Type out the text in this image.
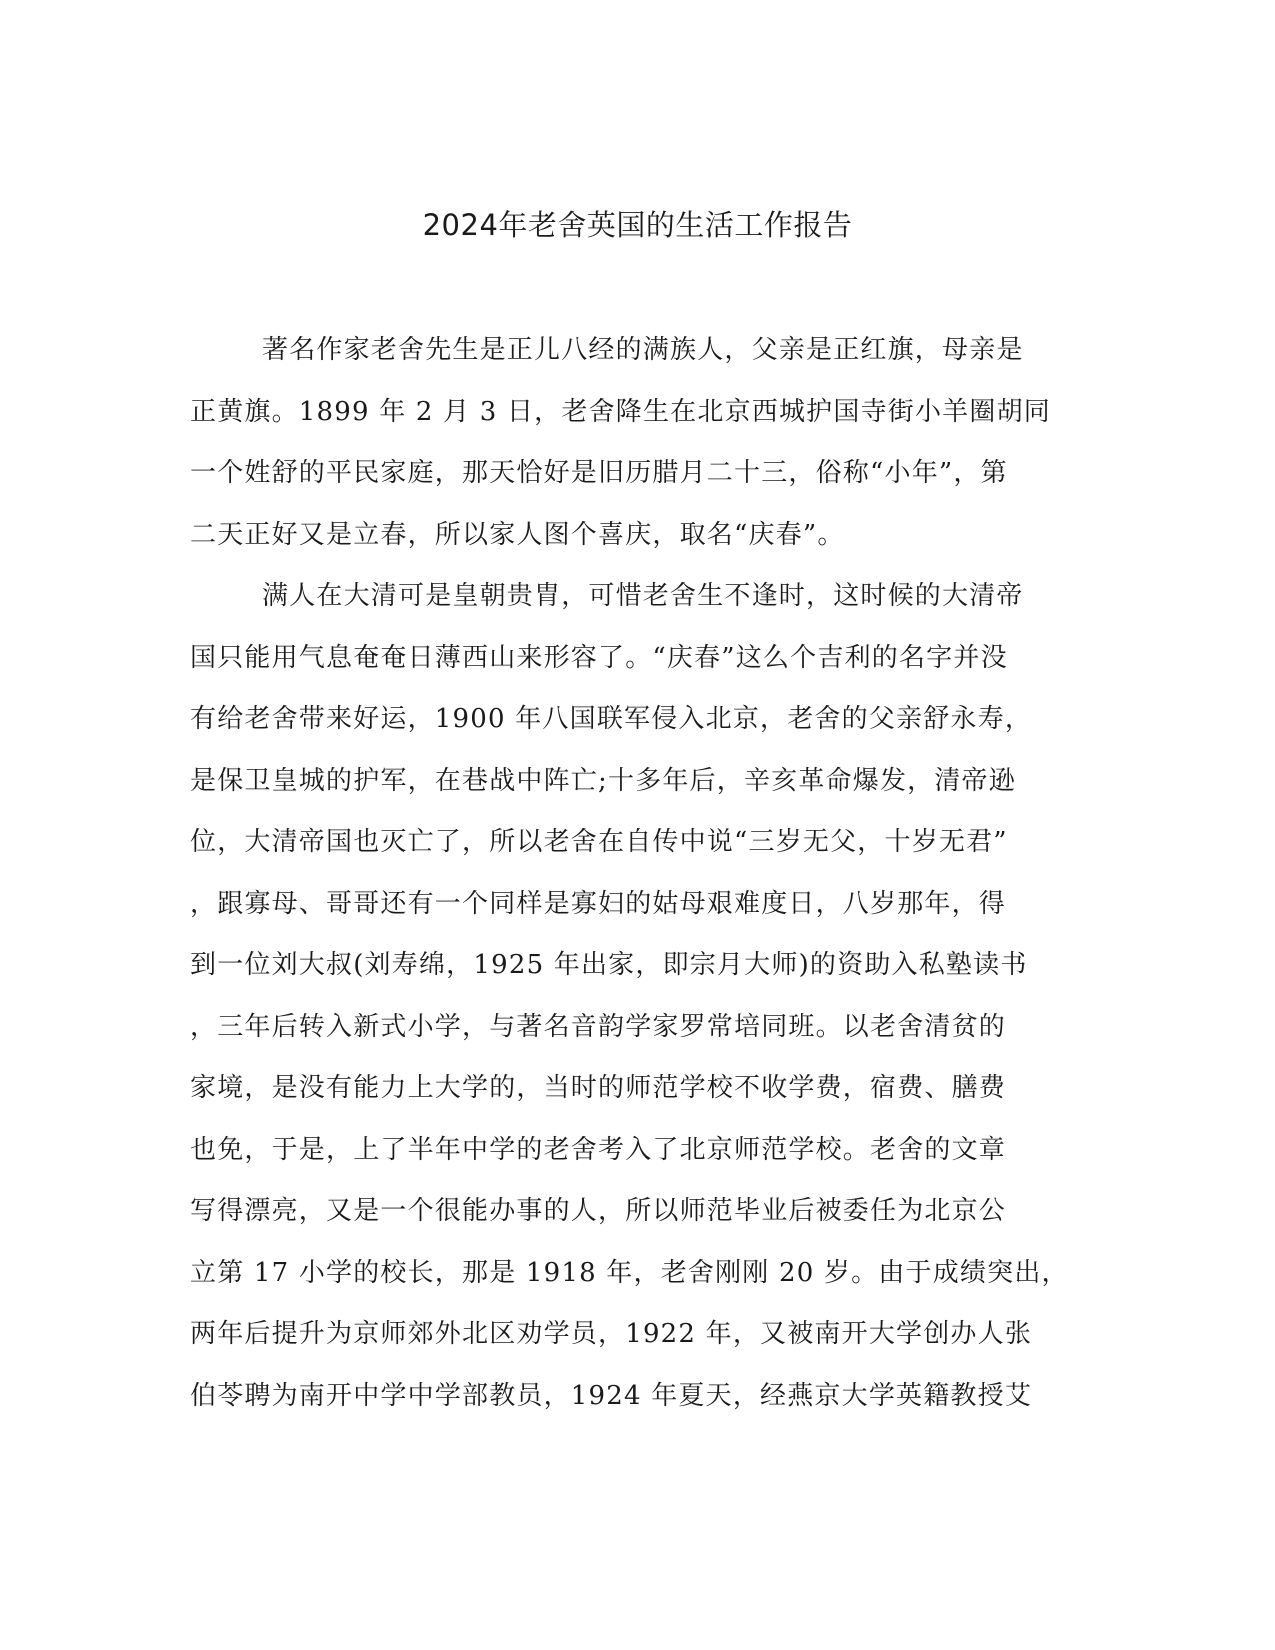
2024年老舍英国的生活工作报告
著名作家老舍先生是正儿八经的满族人，父亲是正红旗，母亲是
正黄旗。1899 年 2 月 3 日，老舍降生在北京西城护国寺街小羊圈胡同
一个姓舒的平民家庭，那天恰好是旧历腊月二十三，俗称“小年”，第
二天正好又是立春，所以家人图个喜庆，取名“庆春”。
满人在大清可是皇朝贵胄，可惜老舍生不逢时，这时候的大清帝
国只能用气息奄奄日薄西山来形容了。“庆春”这么个吉利的名字并没
有给老舍带来好运，1900 年八国联军侵入北京，老舍的父亲舒永寿，
是保卫皇城的护军，在巷战中阵亡;十多年后，辛亥革命爆发，清帝逊
位，大清帝国也灭亡了，所以老舍在自传中说“三岁无父，十岁无君”
，跟寡母、哥哥还有一个同样是寡妇的姑母艰难度日，八岁那年，得
到一位刘大叔(刘寿绵，1925 年出家，即宗月大师)的资助入私塾读书
，三年后转入新式小学，与著名音韵学家罗常培同班。以老舍清贫的
家境，是没有能力上大学的，当时的师范学校不收学费，宿费、膳费
也免，于是，上了半年中学的老舍考入了北京师范学校。老舍的文章
写得漂亮，又是一个很能办事的人，所以师范毕业后被委任为北京公
立第 17 小学的校长，那是 1918 年，老舍刚刚 20 岁。由于成绩突出，
两年后提升为京师郊外北区劝学员，1922 年，又被南开大学创办人张
伯苓聘为南开中学中学部教员，1924 年夏天，经燕京大学英籍教授艾
